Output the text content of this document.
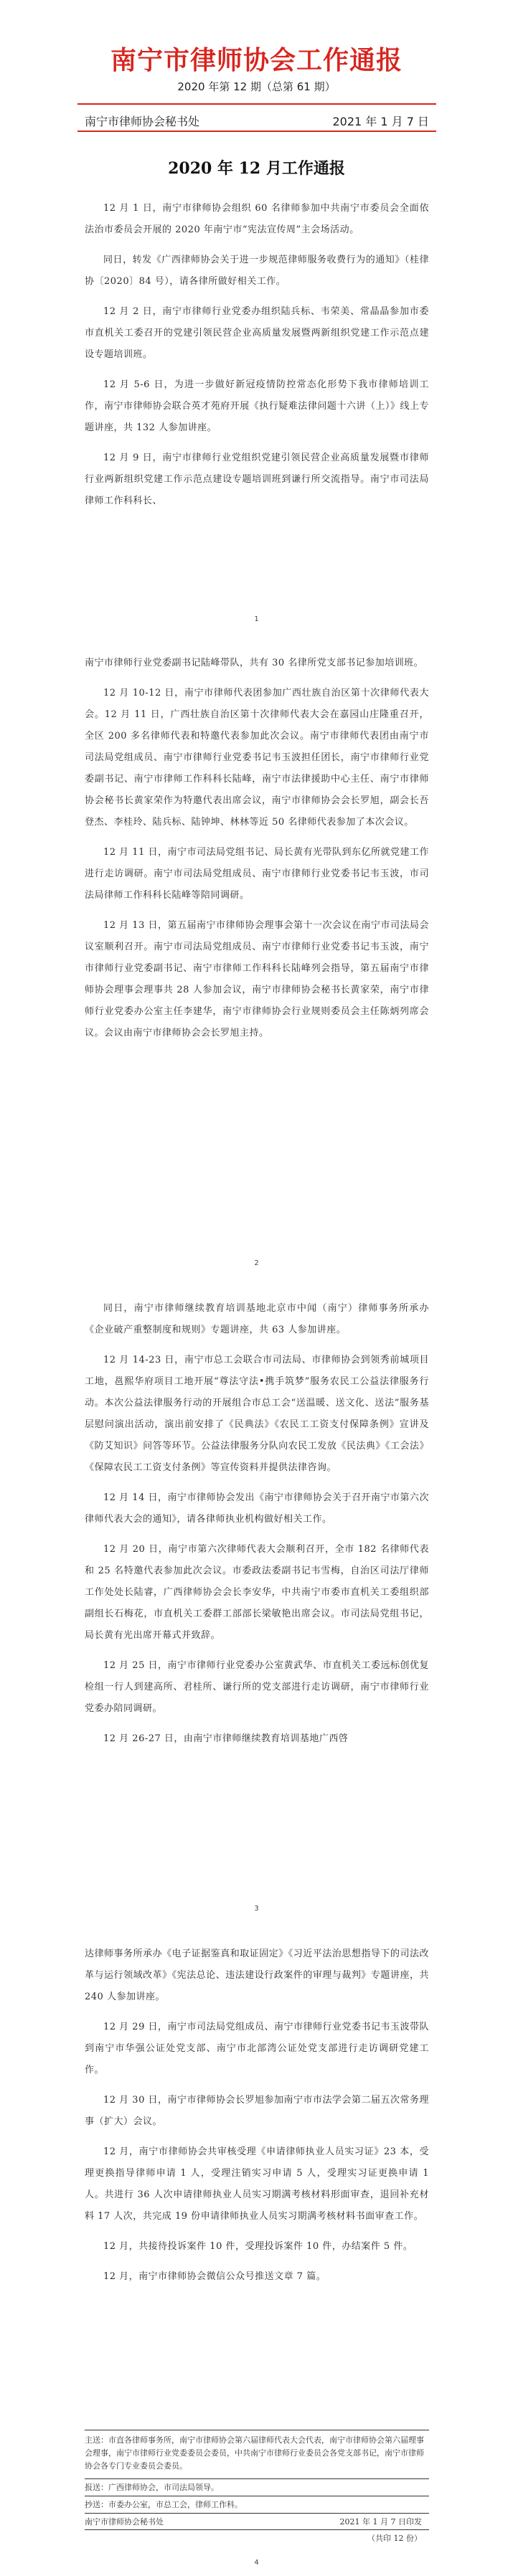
南宁市律师协会工作通报
2020 年第 12 期（总第 61 期）
南宁市律师协会秘书处	2021 年 1 月 7 日
2020 年 12 月工作通报

12 月 1 日，南宁市律师协会组织 60 名律师参加中共南宁市委员会全面依法治市委员会开展的 2020 年南宁市“宪法宣传周”主会场活动。

同日，转发《广西律师协会关于进一步规范律师服务收费行为的通知》（桂律协〔2020〕84 号），请各律所做好相关工作。

12 月 2 日，南宁市律师行业党委办组织陆兵标、韦荣美、常晶晶参加市委市直机关工委召开的党建引领民营企业高质量发展暨两新组织党建工作示范点建设专题培训班。

12 月 5-6 日，为进一步做好新冠疫情防控常态化形势下我市律师培训工作，南宁市律师协会联合英才苑府开展《执行疑难法律问题十六讲（上）》线上专题讲座，共 132 人参加讲座。

12 月 9 日，南宁市律师行业党组织党建引领民营企业高质量发展暨市律师行业两新组织党建工作示范点建设专题培训班到谦行所交流指导。南宁市司法局律师工作科科长、

1

南宁市律师行业党委副书记陆峰带队，共有 30 名律所党支部书记参加培训班。

12 月 10-12 日，南宁市律师代表团参加广西壮族自治区第十次律师代表大会。12 月 11 日，广西壮族自治区第十次律师代表大会在嘉园山庄隆重召开，全区 200 多名律师代表和特邀代表参加此次会议。南宁市律师代表团由南宁市司法局党组成员、南宁市律师行业党委书记韦玉波担任团长，南宁市律师行业党委副书记、南宁市律师工作科科长陆峰，南宁市法律援助中心主任、南宁市律师协会秘书长黄家荣作为特邀代表出席会议，南宁市律师协会会长罗旭，副会长吾登杰、李桂玲、陆兵标、陆钟坤、林林等近 50 名律师代表参加了本次会议。

12 月 11 日，南宁市司法局党组书记、局长黄有光带队到东亿所就党建工作进行走访调研。南宁市司法局党组成员、南宁市律师行业党委书记韦玉波，市司法局律师工作科科长陆峰等陪同调研。

12 月 13 日，第五届南宁市律师协会理事会第十一次会议在南宁市司法局会议室顺利召开。南宁市司法局党组成员、南宁市律师行业党委书记韦玉波，南宁市律师行业党委副书记、南宁市律师工作科科长陆峰列会指导，第五届南宁市律师协会理事会理事共 28 人参加会议，南宁市律师协会秘书长黄家荣，南宁市律师行业党委办公室主任李建华，南宁市律师协会行业规则委员会主任陈炳列席会议。会议由南宁市律师协会会长罗旭主持。

2

同日，南宁市律师继续教育培训基地北京市中闻（南宁）律师事务所承办《企业破产重整制度和规则》专题讲座，共 63 人参加讲座。

12 月 14-23 日，南宁市总工会联合市司法局、市律师协会到领秀前城项目工地，邕熙华府项目工地开展“尊法守法•携手筑梦”服务农民工公益法律服务行动。本次公益法律服务行动的开展组合市总工会“送温暖、送文化、送法”服务基层慰问演出活动，演出前安排了《民典法》《农民工工资支付保障条例》宣讲及《防艾知识》问答等环节。公益法律服务分队向农民工发放《民法典》《工会法》《保障农民工工资支付条例》等宣传资料并提供法律咨询。

12 月 14 日，南宁市律师协会发出《南宁市律师协会关于召开南宁市第六次律师代表大会的通知》，请各律师执业机构做好相关工作。

12 月 20 日，南宁市第六次律师代表大会顺利召开，全市 182 名律师代表和 25 名特邀代表参加此次会议。市委政法委副书记韦雪梅，自治区司法厅律师工作处处长陆睿，广西律师协会会长李安华，中共南宁市委市直机关工委组织部副组长石梅花，市直机关工委群工部部长梁敏艳出席会议。市司法局党组书记，局长黄有光出席开幕式并致辞。

12 月 25 日，南宁市律师行业党委办公室黄武华、市直机关工委远标创优复检组一行人到建高所、君桂所、谦行所的党支部进行走访调研，南宁市律师行业党委办陪同调研。

12 月 26-27 日，由南宁市律师继续教育培训基地广西啓

3

达律师事务所承办《电子证据鉴真和取证固定》《习近平法治思想指导下的司法改革与运行领域改革》《宪法总论、违法建设行政案件的审理与裁判》专题讲座，共 240 人参加讲座。

12 月 29 日，南宁市司法局党组成员、南宁市律师行业党委书记韦玉波带队到南宁市华强公证处党支部、南宁市北部湾公证处党支部进行走访调研党建工作。

12 月 30 日，南宁市律师协会长罗旭参加南宁市市法学会第二届五次常务理事（扩大）会议。

12 月，南宁市律师协会共审核受理《申请律师执业人员实习证》23 本，受理更换指导律师申请 1 人，受理注销实习申请 5 人，受理实习证更换申请 1 人。共进行 36 人次申请律师执业人员实习期满考核材料形面审查，退回补充材料 17 人次，共完成 19 份申请律师执业人员实习期满考核材料书面审查工作。

12 月，共接待投诉案件 10 件，受理投诉案件 10 件，办结案件 5 件。

12 月，南宁市律师协会微信公众号推送文章 7 篇。

主送：市直各律师事务所，南宁市律师协会第六届律师代表大会代表，南宁市律师协会第六届理事会理事，南宁市律师行业党委委员会委员，中共南宁市律师行业委员会各党支部书记，南宁市律师协会各专门专业委员会委员。
报送：广西律师协会，市司法局领导。
抄送：市委办公室，市总工会，律师工作科。
南宁市律师协会秘书处	2021 年 1 月 7 日印发
（共印 12 份）
4
